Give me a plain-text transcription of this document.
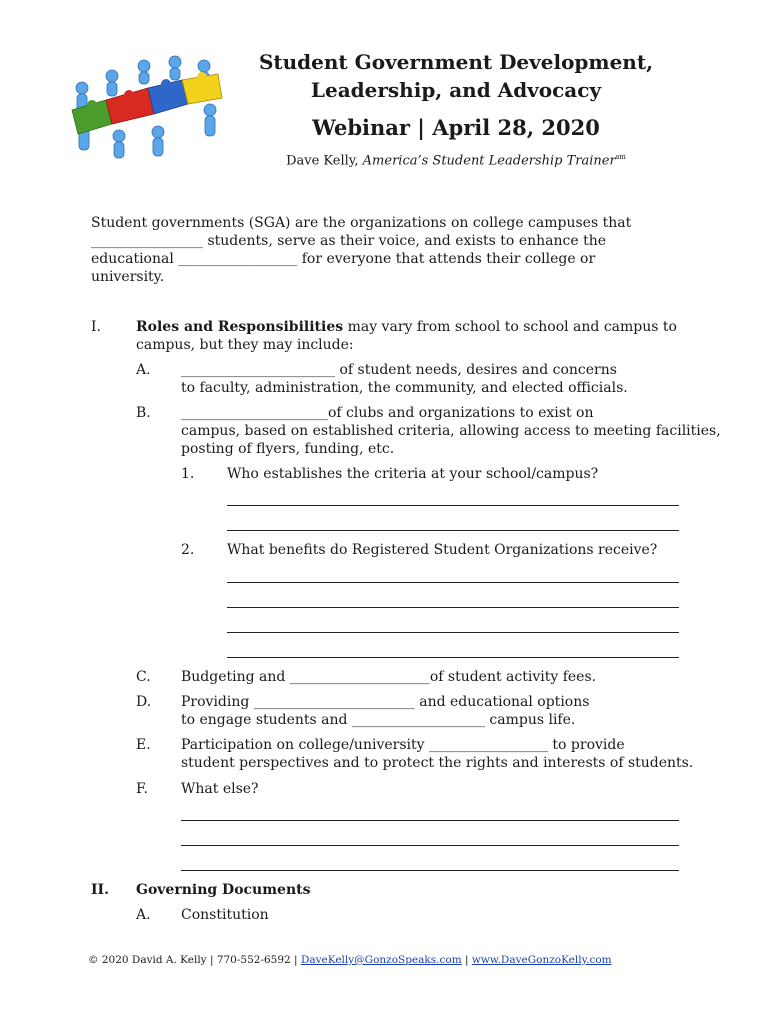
Student Government Development,
Leadership, and Advocacy
Webinar | April 28, 2020
Dave Kelly, America’s Student Leadership Trainer$^{sm}$
Student governments (SGA) are the organizations on college campuses that
________________ students, serve as their voice, and exists to enhance the
educational _________________ for everyone that attends their college or
university.
I.	Roles and Responsibilities may vary from school to school and campus to
campus, but they may include:
A. ______________________ of student needs, desires and concerns
to faculty, administration, the community, and elected officials.
B. _____________________of clubs and organizations to exist on
campus, based on established criteria, allowing access to meeting facilities,
posting of flyers, funding, etc.
1. Who establishes the criteria at your school/campus?
2. What benefits do Registered Student Organizations receive?
C. Budgeting and ____________________of student activity fees.
D. Providing _______________________ and educational options
to engage students and ___________________ campus life.
E. Participation on college/university _________________ to provide
student perspectives and to protect the rights and interests of students.
F. What else?
II. Governing Documents
A. Constitution
© 2020 David A. Kelly | 770-552-6592 | DaveKelly@GonzoSpeaks.com | www.DaveGonzoKelly.com
